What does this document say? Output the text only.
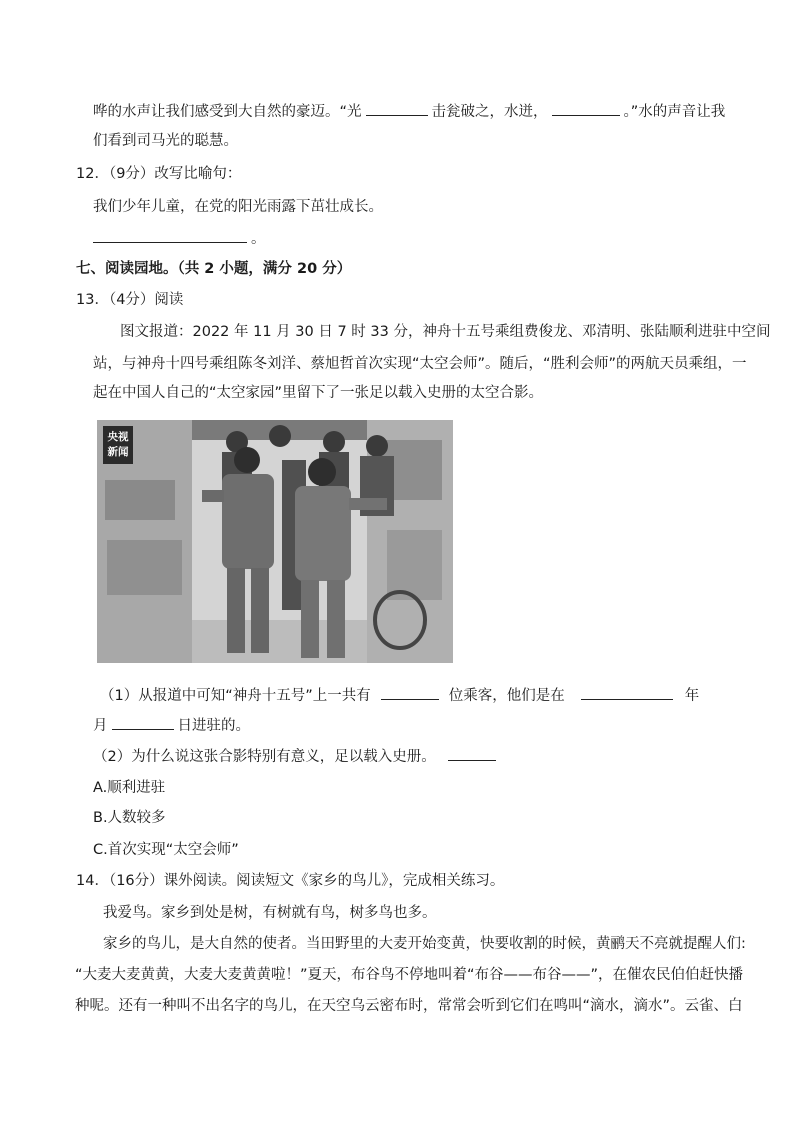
哗的水声让我们感受到大自然的豪迈。“光	击瓮破之，水迸，	。”水的声音让我
们看到司马光的聪慧。
12．（9分）改写比喻句：
我们少年儿童，在党的阳光雨露下茁壮成长。
。
七、阅读园地。（共 2 小题，满分 20 分）
13．（4分）阅读
图文报道：2022 年 11 月 30 日 7 时 33 分，神舟十五号乘组费俊龙、邓清明、张陆顺利进驻中空间
站，与神舟十四号乘组陈冬刘洋、蔡旭哲首次实现“太空会师”。随后，“胜利会师”的两航天员乘组，一
起在中国人自己的“太空家园”里留下了一张足以载入史册的太空合影。
央视
新闻
（1）从报道中可知“神舟十五号”上一共有	位乘客，他们是在	年
月	日进驻的。
（2）为什么说这张合影特别有意义，足以载入史册。
A.顺利进驻
B.人数较多
C.首次实现“太空会师”
14．（16分）课外阅读。阅读短文《家乡的鸟儿》，完成相关练习。
我爱鸟。家乡到处是树，有树就有鸟，树多鸟也多。
家乡的鸟儿，是大自然的使者。当田野里的大麦开始变黄，快要收割的时候，黄鹂天不亮就提醒人们:
“大麦大麦黄黄，大麦大麦黄黄啦！”夏天，布谷鸟不停地叫着“布谷——布谷——”，在催农民伯伯赶快播
种呢。还有一种叫不出名字的鸟儿，在天空乌云密布时，常常会听到它们在鸣叫“滴水，滴水”。云雀、白
